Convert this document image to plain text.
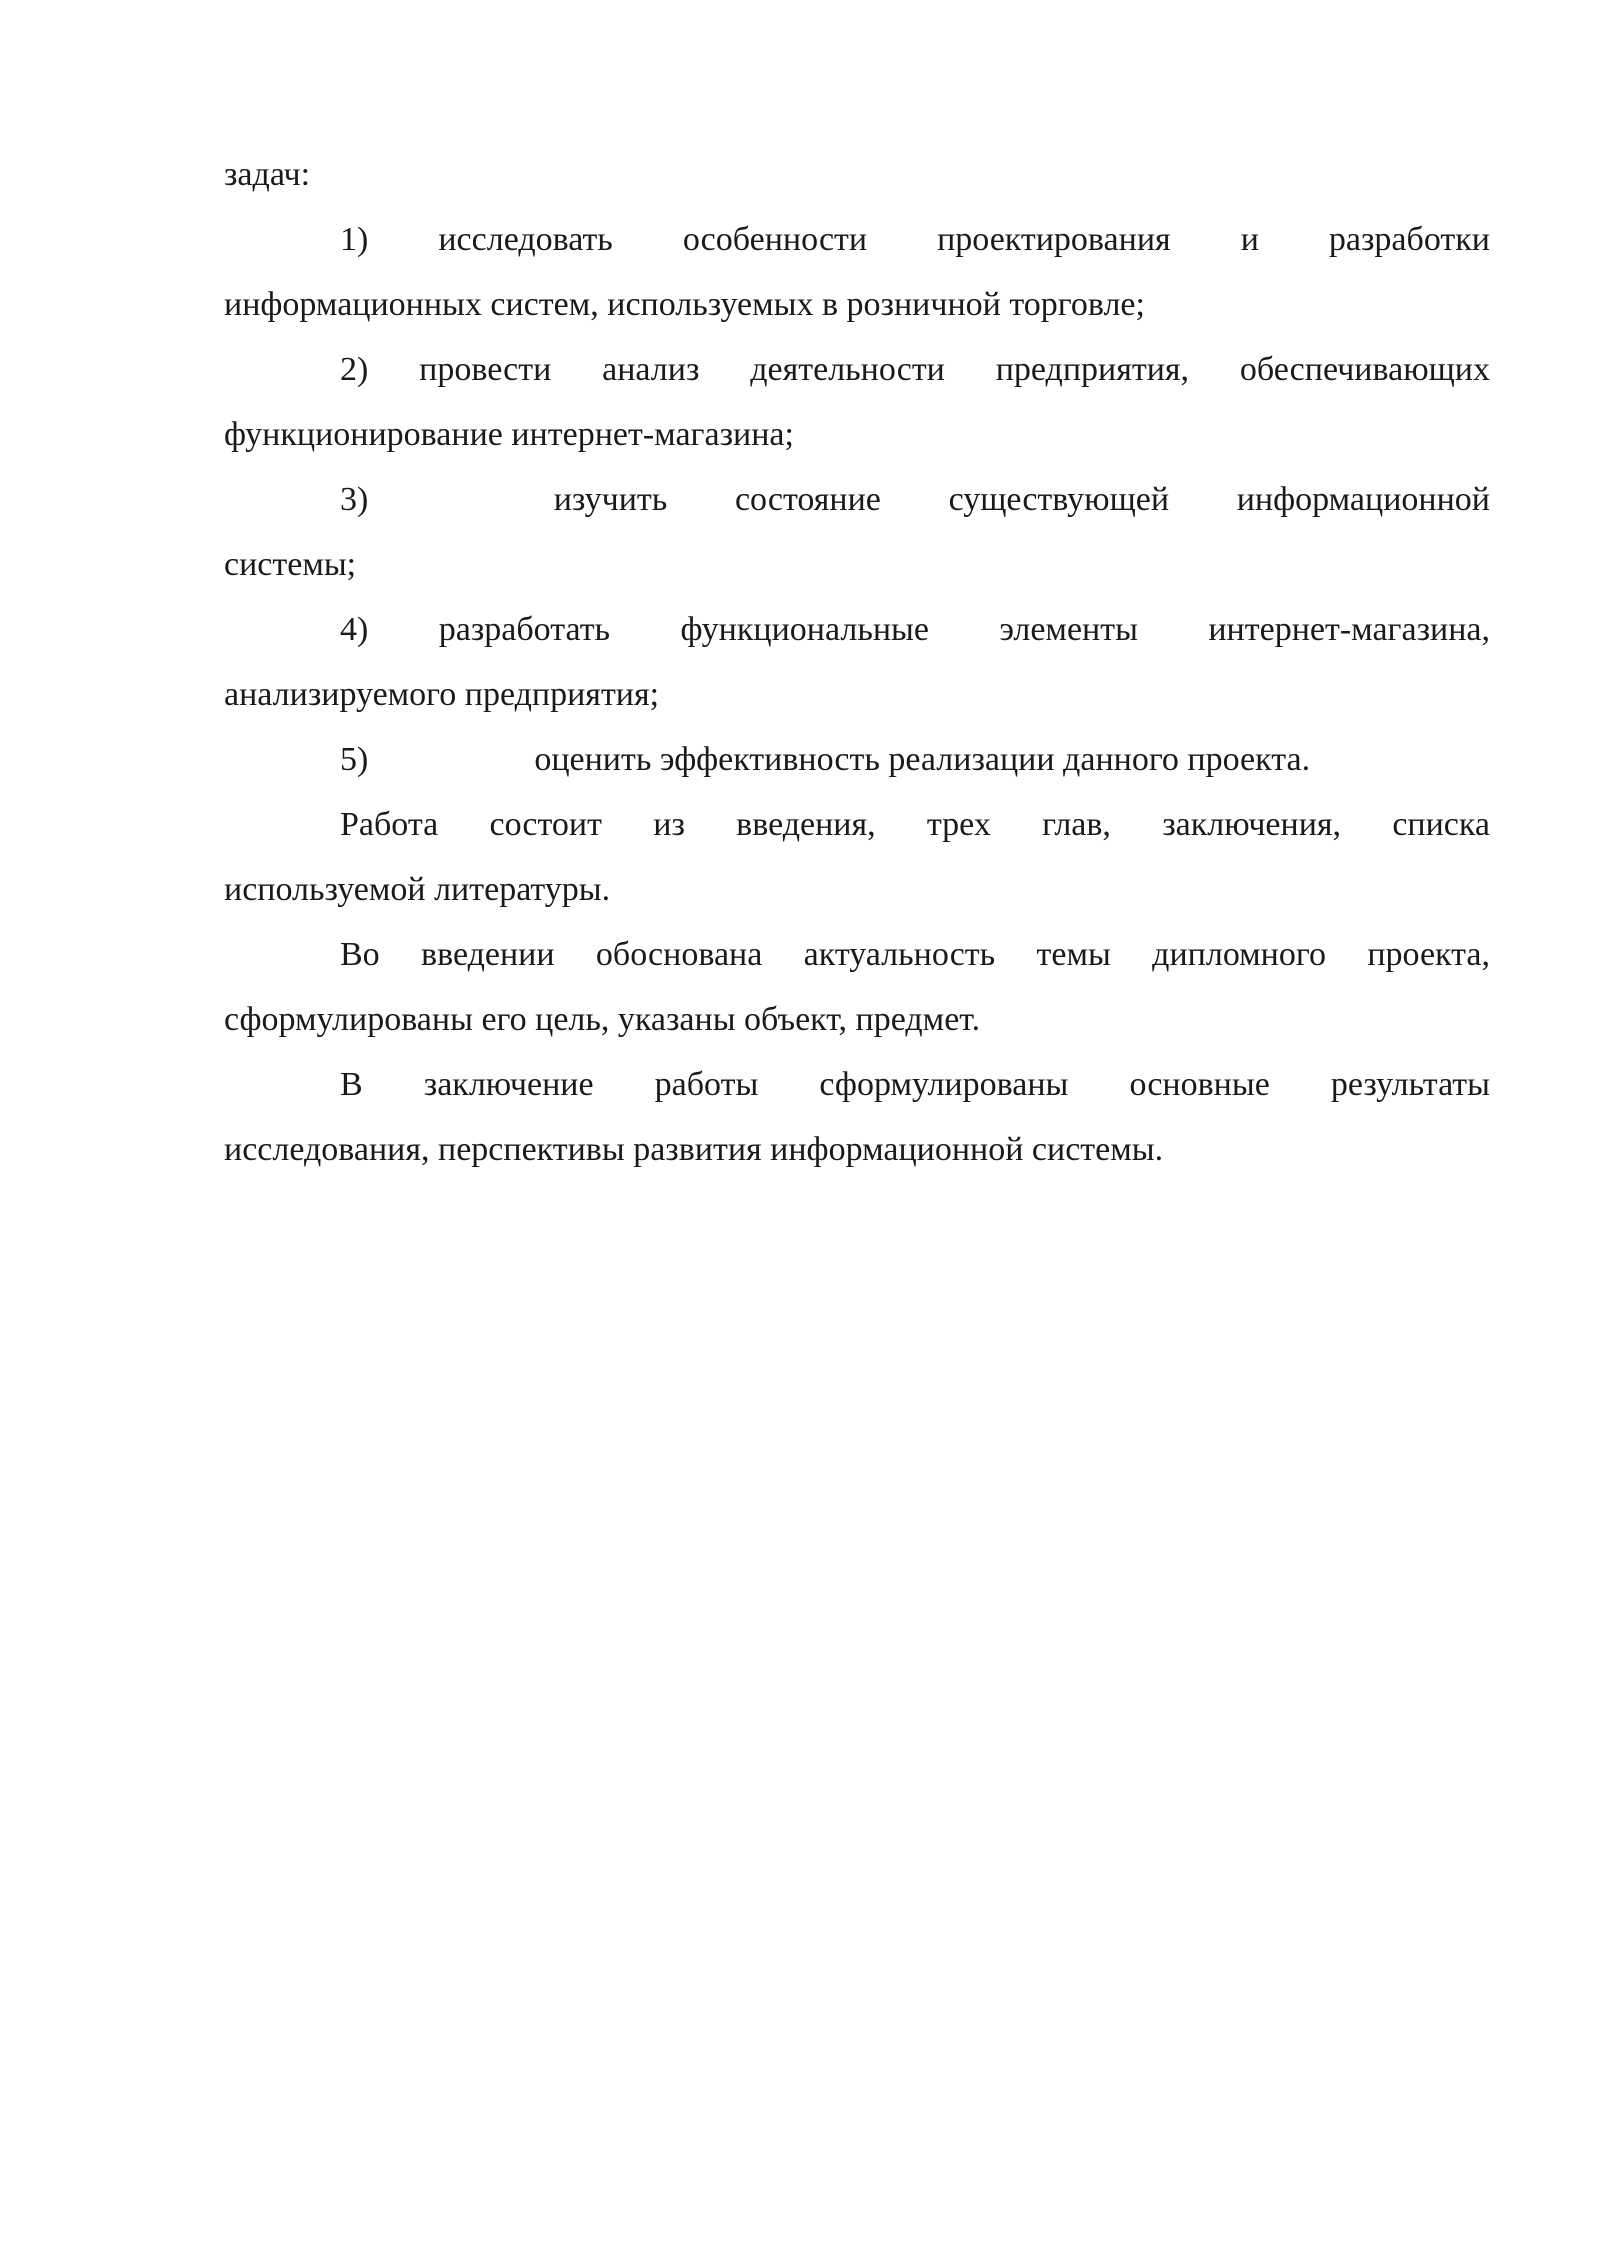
задач:
1) исследовать особенности проектирования и разработки
информационных систем, используемых в розничной торговле;
2) провести анализ деятельности предприятия, обеспечивающих
функционирование интернет-магазина;
3)	изучить состояние существующей информационной
системы;
4) разработать функциональные элементы интернет-магазина,
анализируемого предприятия;
5)	оценить эффективность реализации данного проекта.
Работа состоит из введения, трех глав, заключения, списка
используемой литературы.
Во введении обоснована актуальность темы дипломного проекта,
сформулированы его цель, указаны объект, предмет.
В заключение работы сформулированы основные результаты
исследования, перспективы развития информационной системы.
